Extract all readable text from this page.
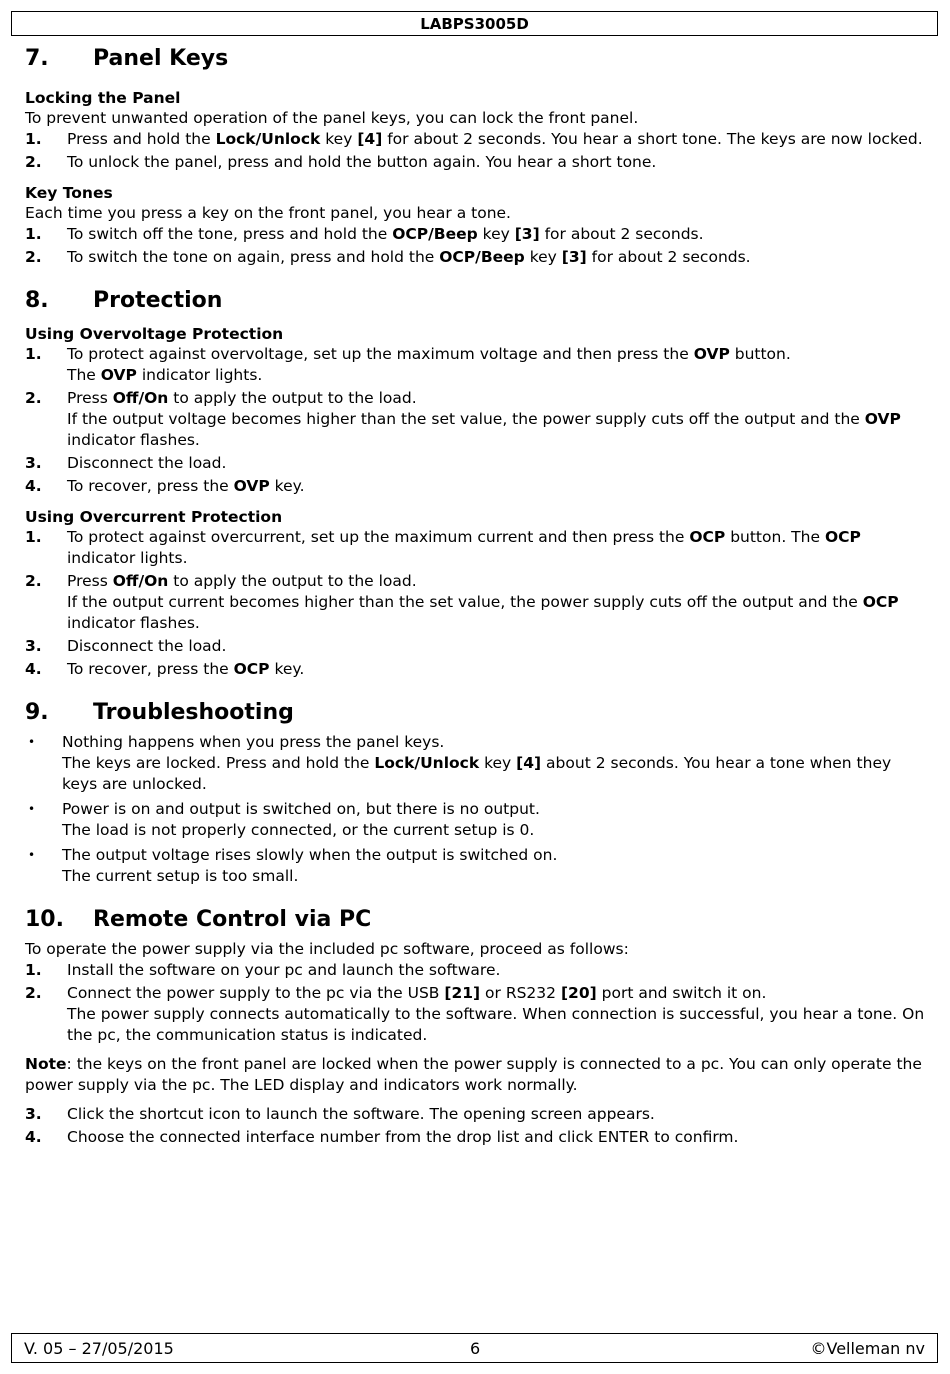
LABPS3005D
7.	Panel Keys
Locking the Panel

To prevent unwanted operation of the panel keys, you can lock the front panel.

1.	Press and hold the Lock/Unlock key [4] for about 2 seconds. You hear a short tone. The keys are now locked.
2.	To unlock the panel, press and hold the button again. You hear a short tone.
Key Tones

Each time you press a key on the front panel, you hear a tone.

1.	To switch off the tone, press and hold the OCP/Beep key [3] for about 2 seconds.
2.	To switch the tone on again, press and hold the OCP/Beep key [3] for about 2 seconds.
8.	Protection
Using Overvoltage Protection
1.	To protect against overvoltage, set up the maximum voltage and then press the OVP button.
The OVP indicator lights.
2.	Press Off/On to apply the output to the load.
If the output voltage becomes higher than the set value, the power supply cuts off the output and the OVP indicator flashes.
3.	Disconnect the load.
4.	To recover, press the OVP key.
Using Overcurrent Protection
1.	To protect against overcurrent, set up the maximum current and then press the OCP button. The OCP indicator lights.
2.	Press Off/On to apply the output to the load.
If the output current becomes higher than the set value, the power supply cuts off the output and the OCP indicator flashes.
3.	Disconnect the load.
4.	To recover, press the OCP key.
9.	Troubleshooting
•	Nothing happens when you press the panel keys.
The keys are locked. Press and hold the Lock/Unlock key [4] about 2 seconds. You hear a tone when they keys are unlocked.
•	Power is on and output is switched on, but there is no output.
The load is not properly connected, or the current setup is 0.
•	The output voltage rises slowly when the output is switched on.
The current setup is too small.
10.	Remote Control via PC

To operate the power supply via the included pc software, proceed as follows:

1.	Install the software on your pc and launch the software.
2.	Connect the power supply to the pc via the USB [21] or RS232 [20] port and switch it on.
The power supply connects automatically to the software. When connection is successful, you hear a tone. On the pc, the communication status is indicated.

Note: the keys on the front panel are locked when the power supply is connected to a pc. You can only operate the power supply via the pc. The LED display and indicators work normally.

3.	Click the shortcut icon to launch the software. The opening screen appears.
4.	Choose the connected interface number from the drop list and click ENTER to confirm.
V. 05 – 27/05/2015	6	©Velleman nv
